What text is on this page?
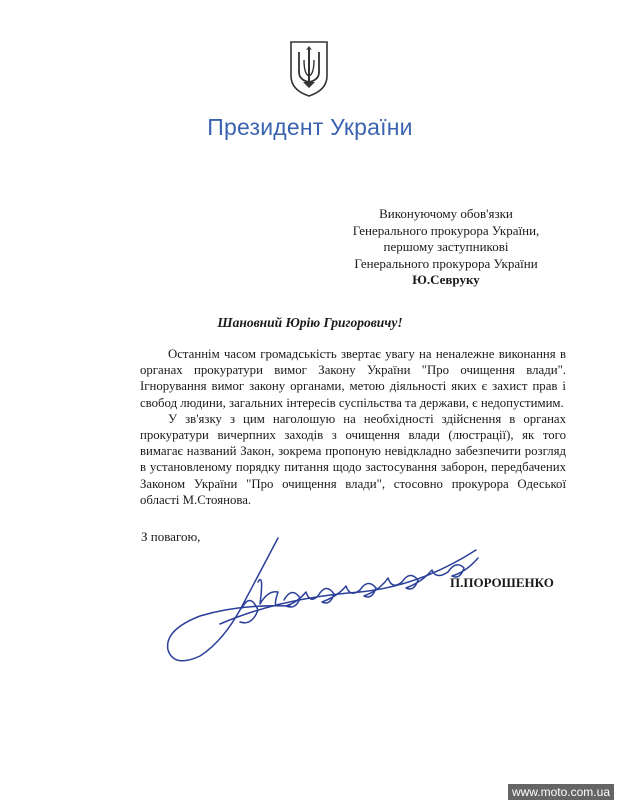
Президент України
Виконуючому обов'язки
Генерального прокурора України,
першому заступникові
Генерального прокурора України
Ю.Севруку
Шановний Юрію Григоровичу!

Останнім часом громадськість звертає увагу на неналежне виконання в органах прокуратури вимог Закону України "Про очищення влади". Ігнорування вимог закону органами, метою діяльності яких є захист прав і свобод людини, загальних інтересів суспільства та держави, є недопустимим.

У зв'язку з цим наголошую на необхідності здійснення в органах прокуратури вичерпних заходів з очищення влади (люстрації), як того вимагає названий Закон, зокрема пропоную невідкладно забезпечити розгляд в установленому порядку питання щодо застосування заборон, передбачених Законом України "Про очищення влади", стосовно прокурора Одеської області М.Стоянова.

З повагою,
П.ПОРОШЕНКО
www.moto.com.ua
